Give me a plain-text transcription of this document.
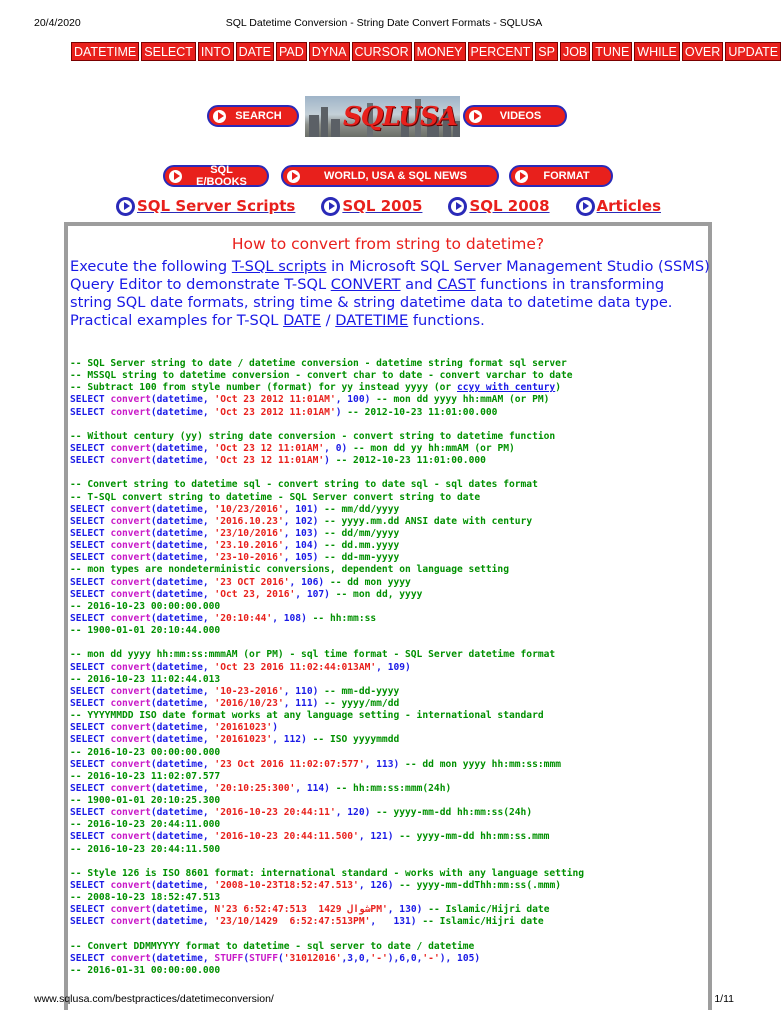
20/4/2020	SQL Datetime Conversion - String Date Convert Formats - SQLUSA
DATETIME SELECT INTO DATE PAD DYNA CURSOR MONEY PERCENT SP JOB TUNE WHILE OVER UPDATE
SEARCH	SQLUSA	VIDEOS
SQL E/BOOKS	WORLD, USA & SQL NEWS	FORMAT
SQL Server Scripts	SQL 2005	SQL 2008	Articles
How to convert from string to datetime?
Execute the following T-SQL scripts in Microsoft SQL Server Management Studio (SSMS) Query Editor to demonstrate T-SQL CONVERT and CAST functions in transforming string SQL date formats, string time & string datetime data to datetime data type. Practical examples for T-SQL DATE / DATETIME functions.
-- SQL Server string to date / datetime conversion - datetime string format sql server
-- MSSQL string to datetime conversion - convert char to date - convert varchar to date
-- Subtract 100 from style number (format) for yy instead yyyy (or ccyy with century)
SELECT convert(datetime, 'Oct 23 2012 11:01AM', 100) -- mon dd yyyy hh:mmAM (or PM)
SELECT convert(datetime, 'Oct 23 2012 11:01AM') -- 2012-10-23 11:01:00.000

-- Without century (yy) string date conversion - convert string to datetime function
SELECT convert(datetime, 'Oct 23 12 11:01AM', 0) -- mon dd yy hh:mmAM (or PM)
SELECT convert(datetime, 'Oct 23 12 11:01AM') -- 2012-10-23 11:01:00.000

-- Convert string to datetime sql - convert string to date sql - sql dates format
-- T-SQL convert string to datetime - SQL Server convert string to date
SELECT convert(datetime, '10/23/2016', 101) -- mm/dd/yyyy
SELECT convert(datetime, '2016.10.23', 102) -- yyyy.mm.dd ANSI date with century
SELECT convert(datetime, '23/10/2016', 103) -- dd/mm/yyyy
SELECT convert(datetime, '23.10.2016', 104) -- dd.mm.yyyy
SELECT convert(datetime, '23-10-2016', 105) -- dd-mm-yyyy
-- mon types are nondeterministic conversions, dependent on language setting
SELECT convert(datetime, '23 OCT 2016', 106) -- dd mon yyyy
SELECT convert(datetime, 'Oct 23, 2016', 107) -- mon dd, yyyy
-- 2016-10-23 00:00:00.000
SELECT convert(datetime, '20:10:44', 108) -- hh:mm:ss
-- 1900-01-01 20:10:44.000

-- mon dd yyyy hh:mm:ss:mmmAM (or PM) - sql time format - SQL Server datetime format
SELECT convert(datetime, 'Oct 23 2016 11:02:44:013AM', 109)
-- 2016-10-23 11:02:44.013
SELECT convert(datetime, '10-23-2016', 110) -- mm-dd-yyyy
SELECT convert(datetime, '2016/10/23', 111) -- yyyy/mm/dd
-- YYYYMMDD ISO date format works at any language setting - international standard
SELECT convert(datetime, '20161023')
SELECT convert(datetime, '20161023', 112) -- ISO yyyymmdd
-- 2016-10-23 00:00:00.000
SELECT convert(datetime, '23 Oct 2016 11:02:07:577', 113) -- dd mon yyyy hh:mm:ss:mmm
-- 2016-10-23 11:02:07.577
SELECT convert(datetime, '20:10:25:300', 114) -- hh:mm:ss:mmm(24h)
-- 1900-01-01 20:10:25.300
SELECT convert(datetime, '2016-10-23 20:44:11', 120) -- yyyy-mm-dd hh:mm:ss(24h)
-- 2016-10-23 20:44:11.000
SELECT convert(datetime, '2016-10-23 20:44:11.500', 121) -- yyyy-mm-dd hh:mm:ss.mmm
-- 2016-10-23 20:44:11.500

-- Style 126 is ISO 8601 format: international standard - works with any language setting
SELECT convert(datetime, '2008-10-23T18:52:47.513', 126) -- yyyy-mm-ddThh:mm:ss(.mmm)
-- 2008-10-23 18:52:47.513
SELECT convert(datetime, N'23 شوال 1429  6:52:47:513PM', 130) -- Islamic/Hijri date
SELECT convert(datetime, '23/10/1429  6:52:47:513PM',   131) -- Islamic/Hijri date

-- Convert DDMMYYYY format to datetime - sql server to date / datetime
SELECT convert(datetime, STUFF(STUFF('31012016',3,0,'-'),6,0,'-'), 105)
-- 2016-01-31 00:00:00.000
www.sqlusa.com/bestpractices/datetimeconversion/	1/11
